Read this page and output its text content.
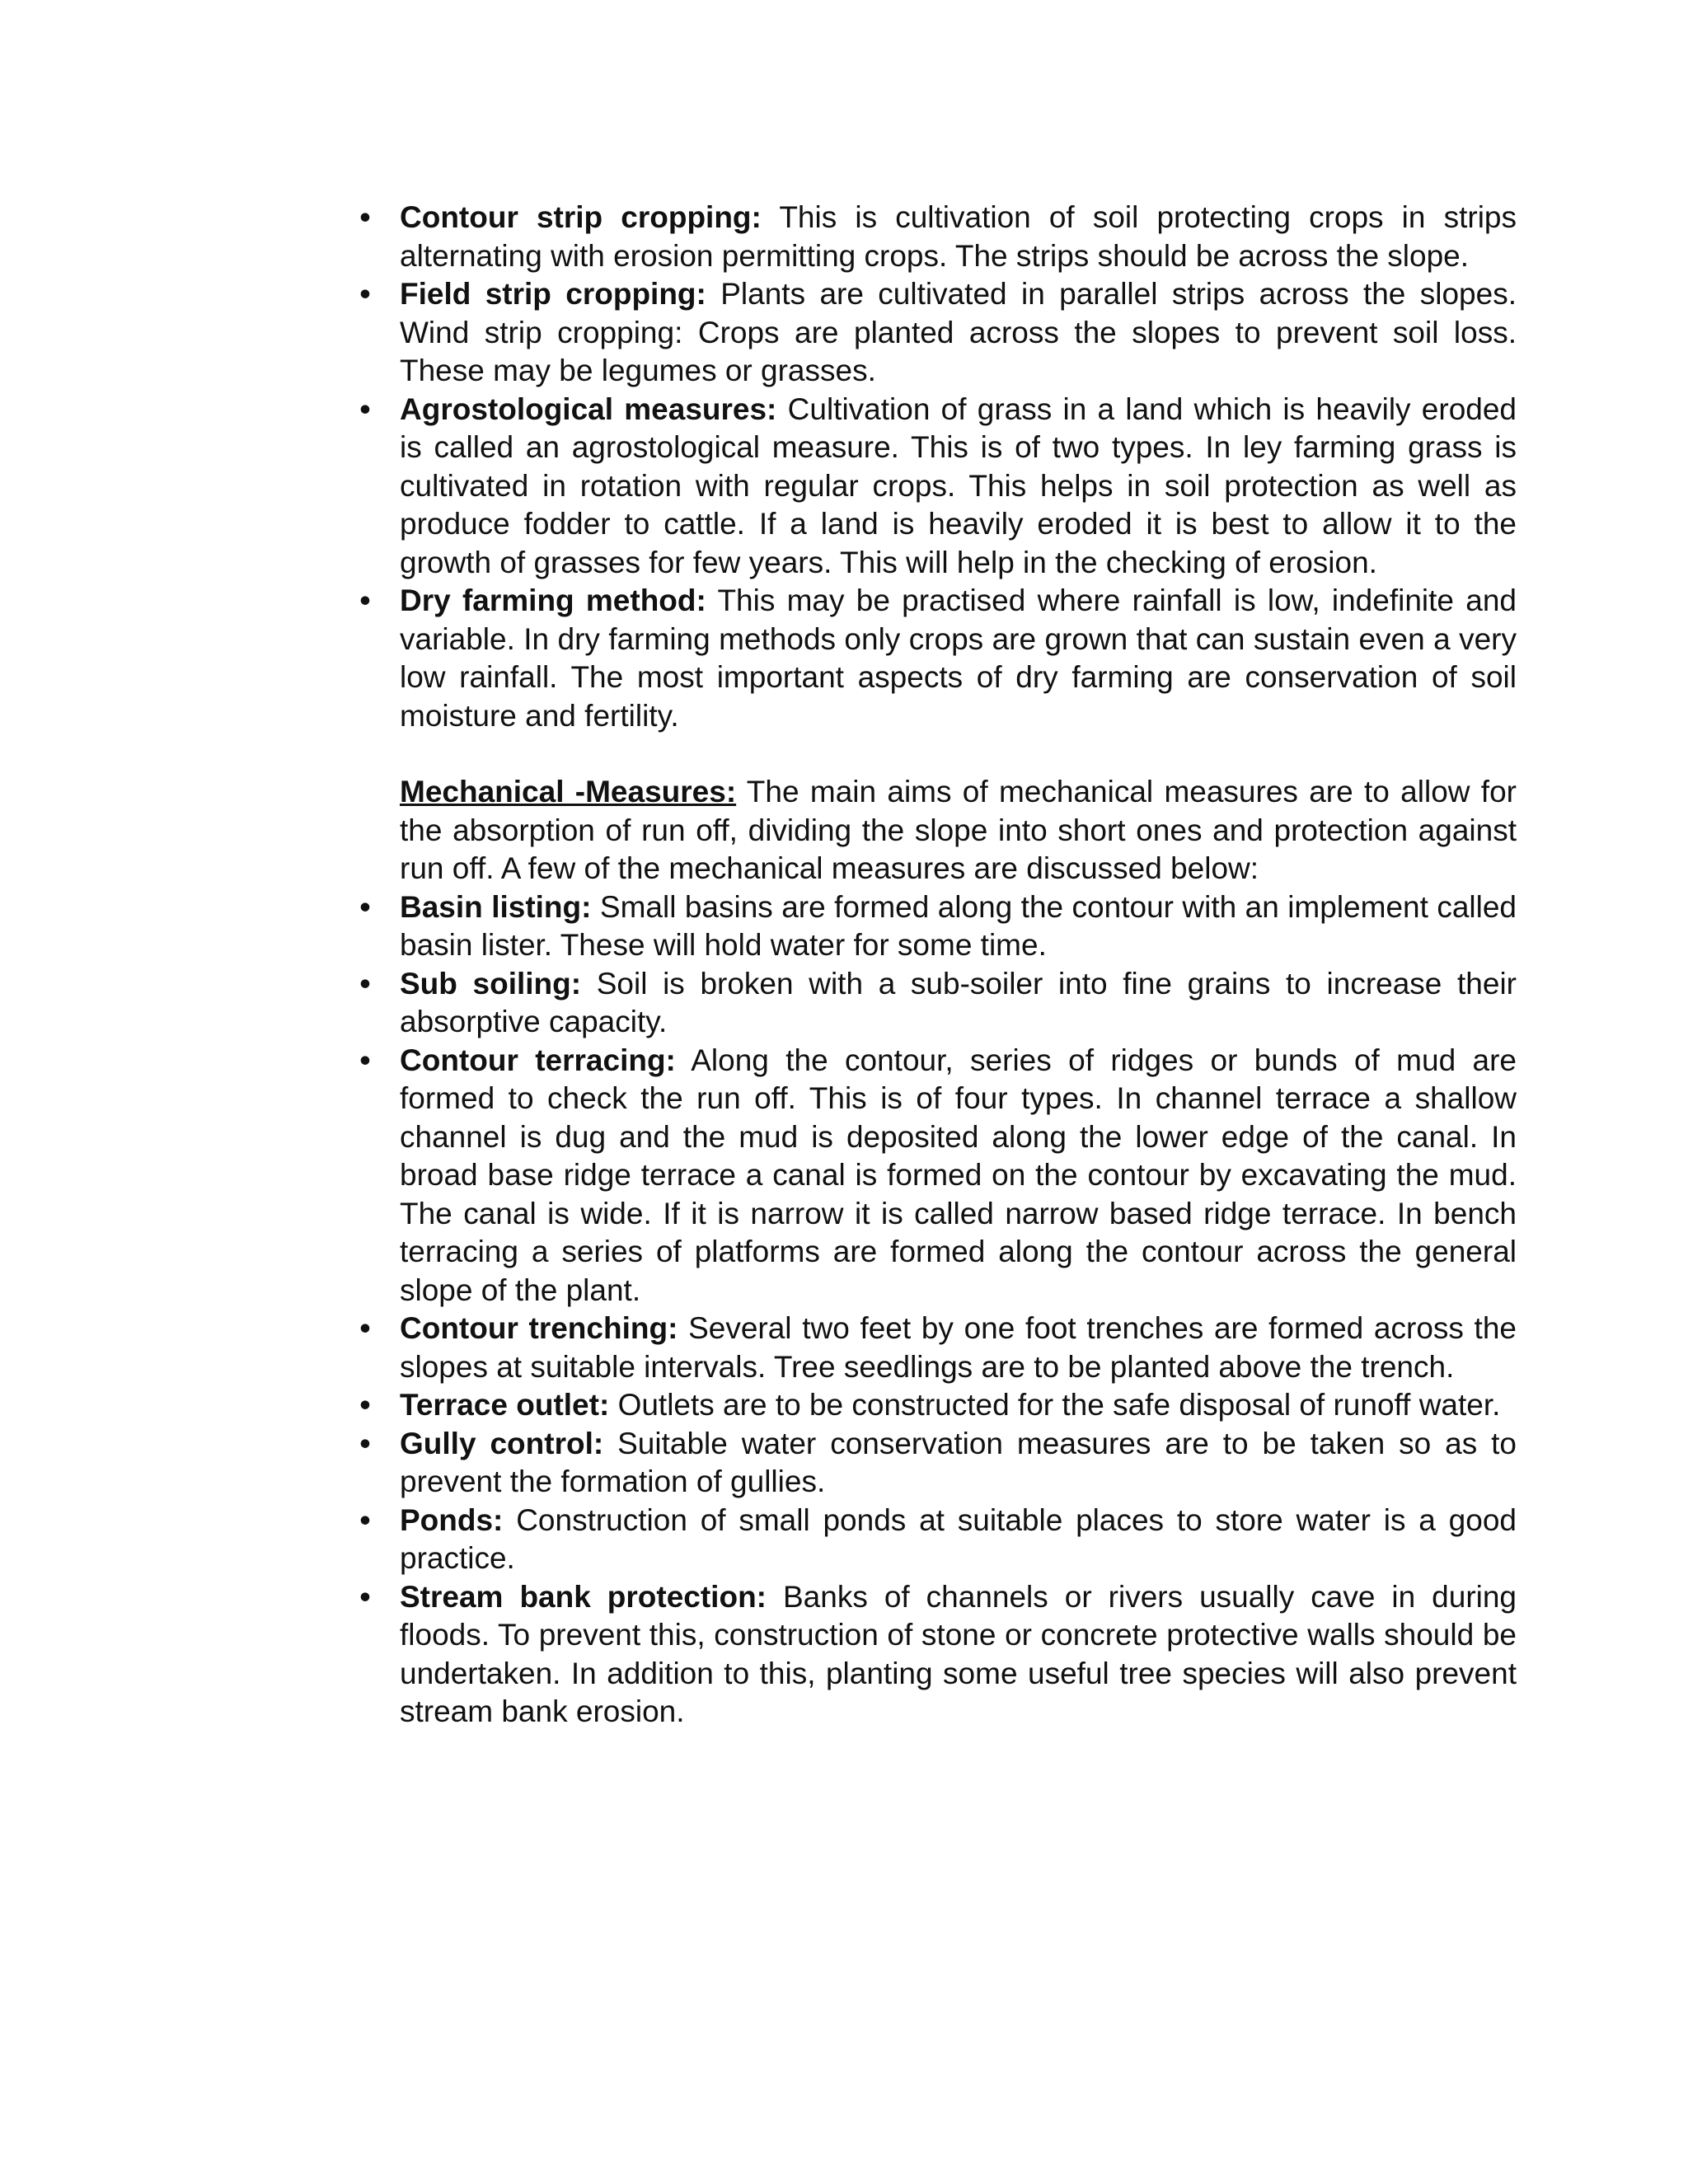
• Contour strip cropping: This is cultivation of soil protecting crops in strips alternating with erosion permitting crops. The strips should be across the slope.

• Field strip cropping: Plants are cultivated in parallel strips across the slopes. Wind strip cropping: Crops are planted across the slopes to prevent soil loss. These may be legumes or grasses.

• Agrostological measures: Cultivation of grass in a land which is heavily eroded is called an agrostological measure. This is of two types. In ley farming grass is cultivated in rotation with regular crops. This helps in soil protection as well as produce fodder to cattle. If a land is heavily eroded it is best to allow it to the growth of grasses for few years. This will help in the checking of erosion.

• Dry farming method: This may be practised where rainfall is low, indefinite and variable. In dry farming methods only crops are grown that can sustain even a very low rainfall. The most important aspects of dry farming are conservation of soil moisture and fertility.

Mechanical -Measures: The main aims of mechanical measures are to allow for the absorption of run off, dividing the slope into short ones and protection against run off. A few of the mechanical measures are discussed below:

• Basin listing: Small basins are formed along the contour with an implement called basin lister. These will hold water for some time.

• Sub soiling: Soil is broken with a sub-soiler into fine grains to increase their absorptive capacity.

• Contour terracing: Along the contour, series of ridges or bunds of mud are formed to check the run off. This is of four types. In channel terrace a shallow channel is dug and the mud is deposited along the lower edge of the canal. In broad base ridge terrace a canal is formed on the contour by excavating the mud. The canal is wide. If it is narrow it is called narrow based ridge terrace. In bench terracing a series of platforms are formed along the contour across the general slope of the plant.

• Contour trenching: Several two feet by one foot trenches are formed across the slopes at suitable intervals. Tree seedlings are to be planted above the trench.

• Terrace outlet: Outlets are to be constructed for the safe disposal of runoff water.

• Gully control: Suitable water conservation measures are to be taken so as to prevent the formation of gullies.

• Ponds: Construction of small ponds at suitable places to store water is a good practice.

• Stream bank protection: Banks of channels or rivers usually cave in during floods. To prevent this, construction of stone or concrete protective walls should be undertaken. In addition to this, planting some useful tree species will also prevent stream bank erosion.
